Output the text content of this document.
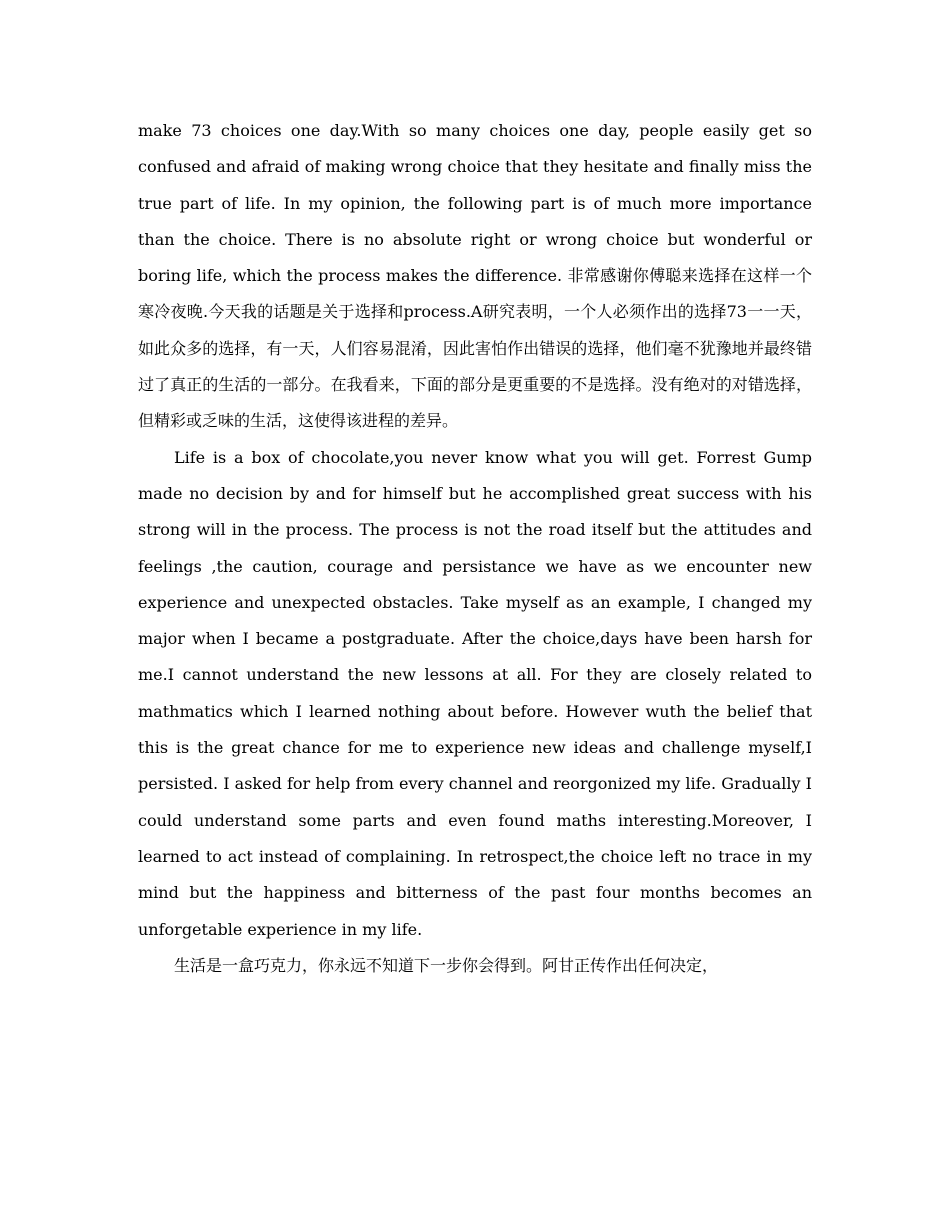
make 73 choices one day.With so many choices one day, people easily get so confused and afraid of making wrong choice that they hesitate and finally miss the true part of life. In my opinion, the following part is of much more importance than the choice. There is no absolute right or wrong choice but wonderful or boring life, which the process makes the difference. 非常感谢你傅聪来选择在这样一个寒冷夜晚.今天我的话题是关于选择和process.A研究表明，一个人必须作出的选择73一一天，如此众多的选择，有一天，人们容易混淆，因此害怕作出错误的选择，他们毫不犹豫地并最终错过了真正的生活的一部分。在我看来，下面的部分是更重要的不是选择。没有绝对的对错选择，但精彩或乏味的生活，这使得该进程的差异。

Life is a box of chocolate,you never know what you will get. Forrest Gump made no decision by and for himself but he accomplished great success with his strong will in the process. The process is not the road itself but the attitudes and feelings ,the caution, courage and persistance we have as we encounter new experience and unexpected obstacles. Take myself as an example, I changed my major when I became a postgraduate. After the choice,days have been harsh for me.I cannot understand the new lessons at all. For they are closely related to mathmatics which I learned nothing about before. However wuth the belief that this is the great chance for me to experience new ideas and challenge myself,I persisted. I asked for help from every channel and reorgonized my life. Gradually I could understand some parts and even found maths interesting.Moreover, I learned to act instead of complaining. In retrospect,the choice left no trace in my mind but the happiness and bitterness of the past four months becomes an unforgetable experience in my life.

生活是一盒巧克力，你永远不知道下一步你会得到。阿甘正传作出任何决定，
